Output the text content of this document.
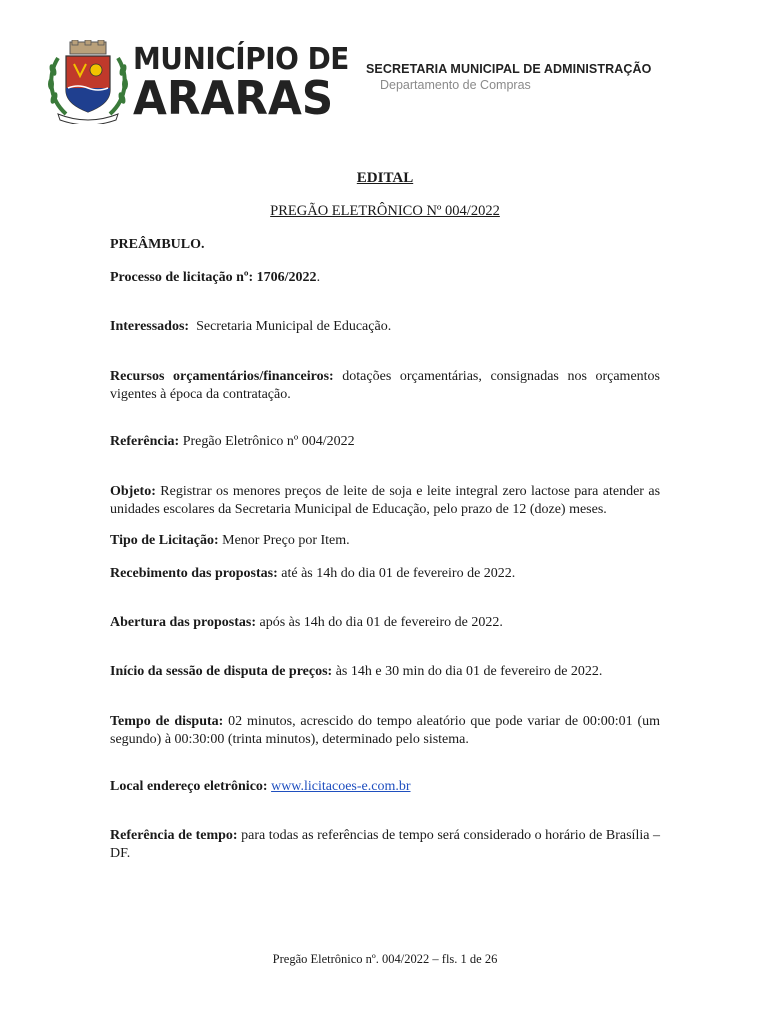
MUNICÍPIO DE
ARARAS
SECRETARIA MUNICIPAL DE ADMINISTRAÇÃO
Departamento de Compras
EDITAL
PREGÃO ELETRÔNICO Nº 004/2022
PREÂMBULO.
Processo de licitação nº: 1706/2022.
Interessados: Secretaria Municipal de Educação.
Recursos orçamentários/financeiros: dotações orçamentárias, consignadas nos orçamentos vigentes à época da contratação.
Referência: Pregão Eletrônico nº 004/2022
Objeto: Registrar os menores preços de leite de soja e leite integral zero lactose para atender as unidades escolares da Secretaria Municipal de Educação, pelo prazo de 12 (doze) meses.
Tipo de Licitação: Menor Preço por Item.
Recebimento das propostas: até às 14h do dia 01 de fevereiro de 2022.
Abertura das propostas: após às 14h do dia 01 de fevereiro de 2022.
Início da sessão de disputa de preços: às 14h e 30 min do dia 01 de fevereiro de 2022.
Tempo de disputa: 02 minutos, acrescido do tempo aleatório que pode variar de 00:00:01 (um segundo) à 00:30:00 (trinta minutos), determinado pelo sistema.
Local endereço eletrônico: www.licitacoes-e.com.br
Referência de tempo: para todas as referências de tempo será considerado o horário de Brasília – DF.
Pregão Eletrônico nº. 004/2022 – fls. 1 de 26
